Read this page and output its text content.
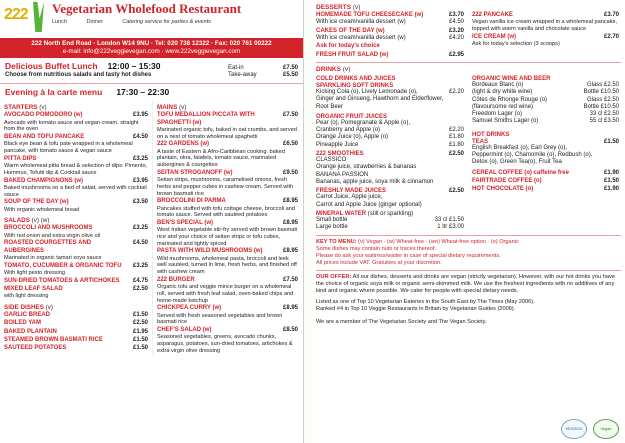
222 Vegetarian Wholefood Restaurant
Lunch	Dinner	Catering service for parties & events
222 North End Road · London W14 9NU · Tel: 020 738 12322 · Fax: 020 761 00222
e-mail: info@222veggievegan.com · www.222veggievegan.com
Delicious Buffet Lunch 12:00 – 15:30	Eat-in	£7.50
Choose from nutritious salads and tasty hot dishes	Take-away	£5.50
Evening à la carte menu 17:30 – 22:30
STARTERS (v)
AVOCADO POMODORO (w)	£3.95
Avocado with tomato sauce and vegan cream, straight from the oven
BEAN AND TOFU PANCAKE	£4.50
Black eye bean & tofu pate wrapped in a wholemeal pancake, with tomato sauce & vegan sauce
PITTA DIPS	£3.25
Warm wholemeal pitta bread & selection of dips: Pimento, Hummus, Tofutti dip & Cocktail sauce
BAKED CHAMPIGNONS (w)	£3.95
Baked mushrooms on a bed of salad, served with cocktail sauce
SOUP OF THE DAY (w)	£3.50
With organic wholemeal bread
SALADS (v) (w)
BROCCOLI AND MUSHROOMS	£3.25
With red onion and extra virgin olive oil
ROASTED COURGETTES AND AUBERGINES
£4.50
Marinated in organic tamari soya sauce
TOMATO, CUCUMBER & ORGANIC TOFU £3.25
With light pesto dressing
SUN-DRIED TOMATOES & ARTICHOKES £4.75
MIXED LEAF SALAD	£2.50
with light dressing
SIDE DISHES (v)
GARLIC BREAD	£1.50
BOILED YAM	£2.50
BAKED PLANTAIN	£1.95
STEAMED BROWN BASMATI RICE	£1.50
SAUTEED POTATOES	£1.50
MAINS (v)
TOFU MEDALLION PICCATA WITH SPAGHETTI (w)
£7.50
Marinated organic tofu, baked in oat crumbs, and served on a nest of tomato wholemeal spaghetti
222 GARDENS (w)	£6.50
A taste of Eastern & Afro-Caribbean cooking: baked plantain, okra, falafels, tomato sauce, marinated aubergines & courgettes
SEITAN STROGANOFF (w)	£9.50
Seitan strips, mushrooms, caramelised onions, fresh herbs and pepper cubes in cashew cream. Served with brown basmati rice
BROCCOLINI DI PARMA	£8.95
Pancakes stuffed with tofu cottage cheese, broccoli and tomato sauce. Served with sautéed potatoes
BEN'S SPECIAL (w)	£8.95
West Indian vegetable stir-fry served with brown basmati rice and your choice of seitan strips or tofu cubes, marinated and lightly spiced
PASTA WITH WILD MUSHROOMS (w)	£8.95
Wild mushrooms, wholemeal pasta, broccoli and leek well sautéed, turned in lime, fresh herbs, and finished off with cashew cream
222 BURGER	£7.50
Organic tofu and veggie mince burger on a wholemeal roll, served with fresh leaf salad, oven-baked chips and home-made ketchup
CHICKPEA CURRY (w)	£8.95
Served with fresh seasoned vegetables and brown basmati rice
CHEF'S SALAD (w)	£8.50
Seasoned vegetables, greens, avocado chunks, asparagus, potatoes, sun-dried tomatoes, artichokes & extra virgin olive dressing
DESSERTS (v)
HOMEMADE TOFU CHEESECAKE (w)	£3.70
With ice cream/vanilla dessert (w)	£4.50
CAKES OF THE DAY (w)	£3.20
With ice cream/vanilla dessert (w)	£4.20
Ask for today's choice
FRESH FRUIT SALAD (w)	£2.95
222 PANCAKE	£3.70
Vegan vanilla ice cream wrapped in a wholemeal pancake, topped with warm vanilla and chocolate sauce
ICE CREAM (w)	£2.70
Ask for today's selection (3 scoops)
DRINKS (v)
COLD DRINKS AND JUICES
SPARKLING SOFT DRINKS
Kicking Cola (o), Lively Lemonade (o),	£2.20
Ginger and Ginseng, Hawthorn and Elderflower,
Root Beer
ORGANIC FRUIT JUICES
Pear (o), Pomegranate & Apple (o),
Cranberry and Apple (o)	£2.20
Orange Juice (o), Apple (o)	£1.80
Pineapple Juice	£1.80
222 SMOOTHIES	£2.50
CLASSICO
Orange juice, strawberries & bananas
BANANA PASSION
Bananas, apple juice, soya milk & cinnamon
FRESHLY MADE JUICES	£2.50
Carrot Juice, Apple juice,
Carrot and Apple Juice (ginger optional)
MINERAL WATER (still or sparkling)
Small bottle	33 cl £1.50
Large bottle	1 ltr £3.00
ORGANIC WINE AND BEER
Bordeaux Blanc (o)	Glass £2.50
(light & dry white wine)	Bottle £10.50
Côtes de Rhonge Rouge (o)	Glass £2.50
(flavoursome red wine)	Bottle £10.50
Freedom Lager (o)	33 cl £2.50
Samuel Smiths Lager (o)	55 cl £3.50
HOT DRINKS
TEAS	£1.50
English Breakfast (o), Earl Grey (o),
Peppermint (o), Chamomile (o), Redbush (o),
Detox (o), Green Tea(o), Fruit Tea
CEREAL COFFEE (o) caffeine free	£1.90
FAIRTRADE COFFEE (o)	£1.50
HOT CHOCOLATE (o)	£1.90
KEY TO MENU: (v) Vegan · (w) Wheat-free · (wo) Wheat-free option · (o) Organic
Some dishes may contain nuts or traces thereof.
Please do ask your waitress/waiter in case of special dietary requirements.
All prices include VAT. Gratuities at your discretion.
OUR OFFER: All our dishes, desserts and drinks are vegan (strictly vegetarian). However, with our hot drinks you have the choice of organic soya milk or organic semi-skimmed milk. We use the freshest ingredients with no additives of any kind and organic where possible. We cater for people with special dietary needs.
Listed as one of Top 10 Vegetarian Eateries in the South East by The Times (May 2006).
Ranked #4 in Top 10 Veggie Restaurants in Britain by Vegetarian Guides (2006).
We are a member of The Vegetarian Society and The Vegan Society.
VEGSOC	Vegan
